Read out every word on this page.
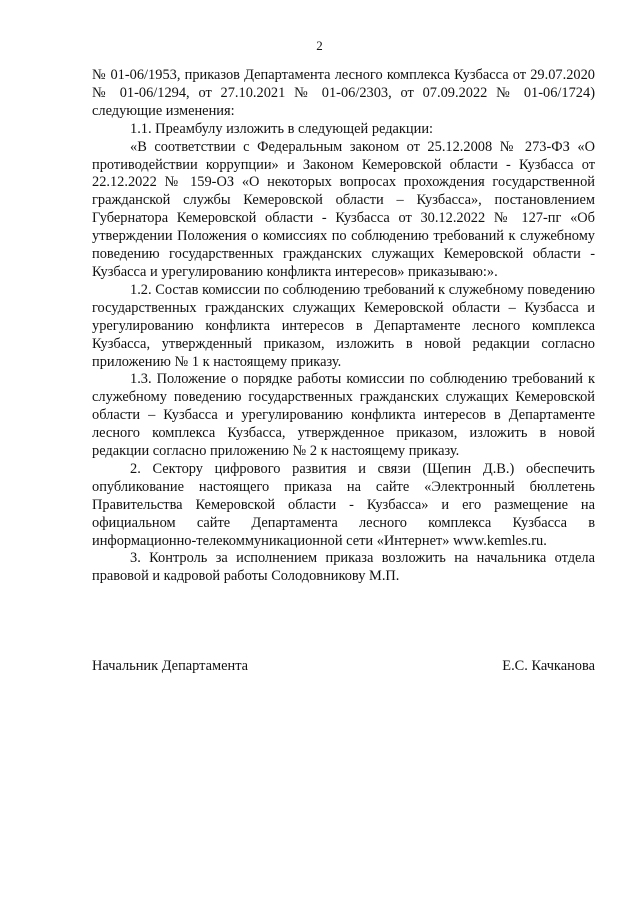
2

№ 01-06/1953, приказов Департамента лесного комплекса Кузбасса от 29.07.2020 № 01-06/1294, от 27.10.2021 № 01-06/2303, от 07.09.2022 № 01-06/1724) следующие изменения:

1.1. Преамбулу изложить в следующей редакции:

«В соответствии с Федеральным законом от 25.12.2008 № 273-ФЗ «О противодействии коррупции» и Законом Кемеровской области - Кузбасса от 22.12.2022 № 159-ОЗ «О некоторых вопросах прохождения государственной гражданской службы Кемеровской области – Кузбасса», постановлением Губернатора Кемеровской области - Кузбасса от 30.12.2022 № 127-пг «Об утверждении Положения о комиссиях по соблюдению требований к служебному поведению государственных гражданских служащих Кемеровской области - Кузбасса и урегулированию конфликта интересов» приказываю:».

1.2. Состав комиссии по соблюдению требований к служебному поведению государственных гражданских служащих Кемеровской области – Кузбасса и урегулированию конфликта интересов в Департаменте лесного комплекса Кузбасса, утвержденный приказом, изложить в новой редакции согласно приложению № 1 к настоящему приказу.

1.3. Положение о порядке работы комиссии по соблюдению требований к служебному поведению государственных гражданских служащих Кемеровской области – Кузбасса и урегулированию конфликта интересов в Департаменте лесного комплекса Кузбасса, утвержденное приказом, изложить в новой редакции согласно приложению № 2 к настоящему приказу.

2. Сектору цифрового развития и связи (Щепин Д.В.) обеспечить опубликование настоящего приказа на сайте «Электронный бюллетень Правительства Кемеровской области - Кузбасса» и его размещение на официальном сайте Департамента лесного комплекса Кузбасса в информационно-телекоммуникационной сети «Интернет» www.kemles.ru.

3. Контроль за исполнением приказа возложить на начальника отдела правовой и кадровой работы Солодовникову М.П.

Начальник Департамента	Е.С. Качканова
